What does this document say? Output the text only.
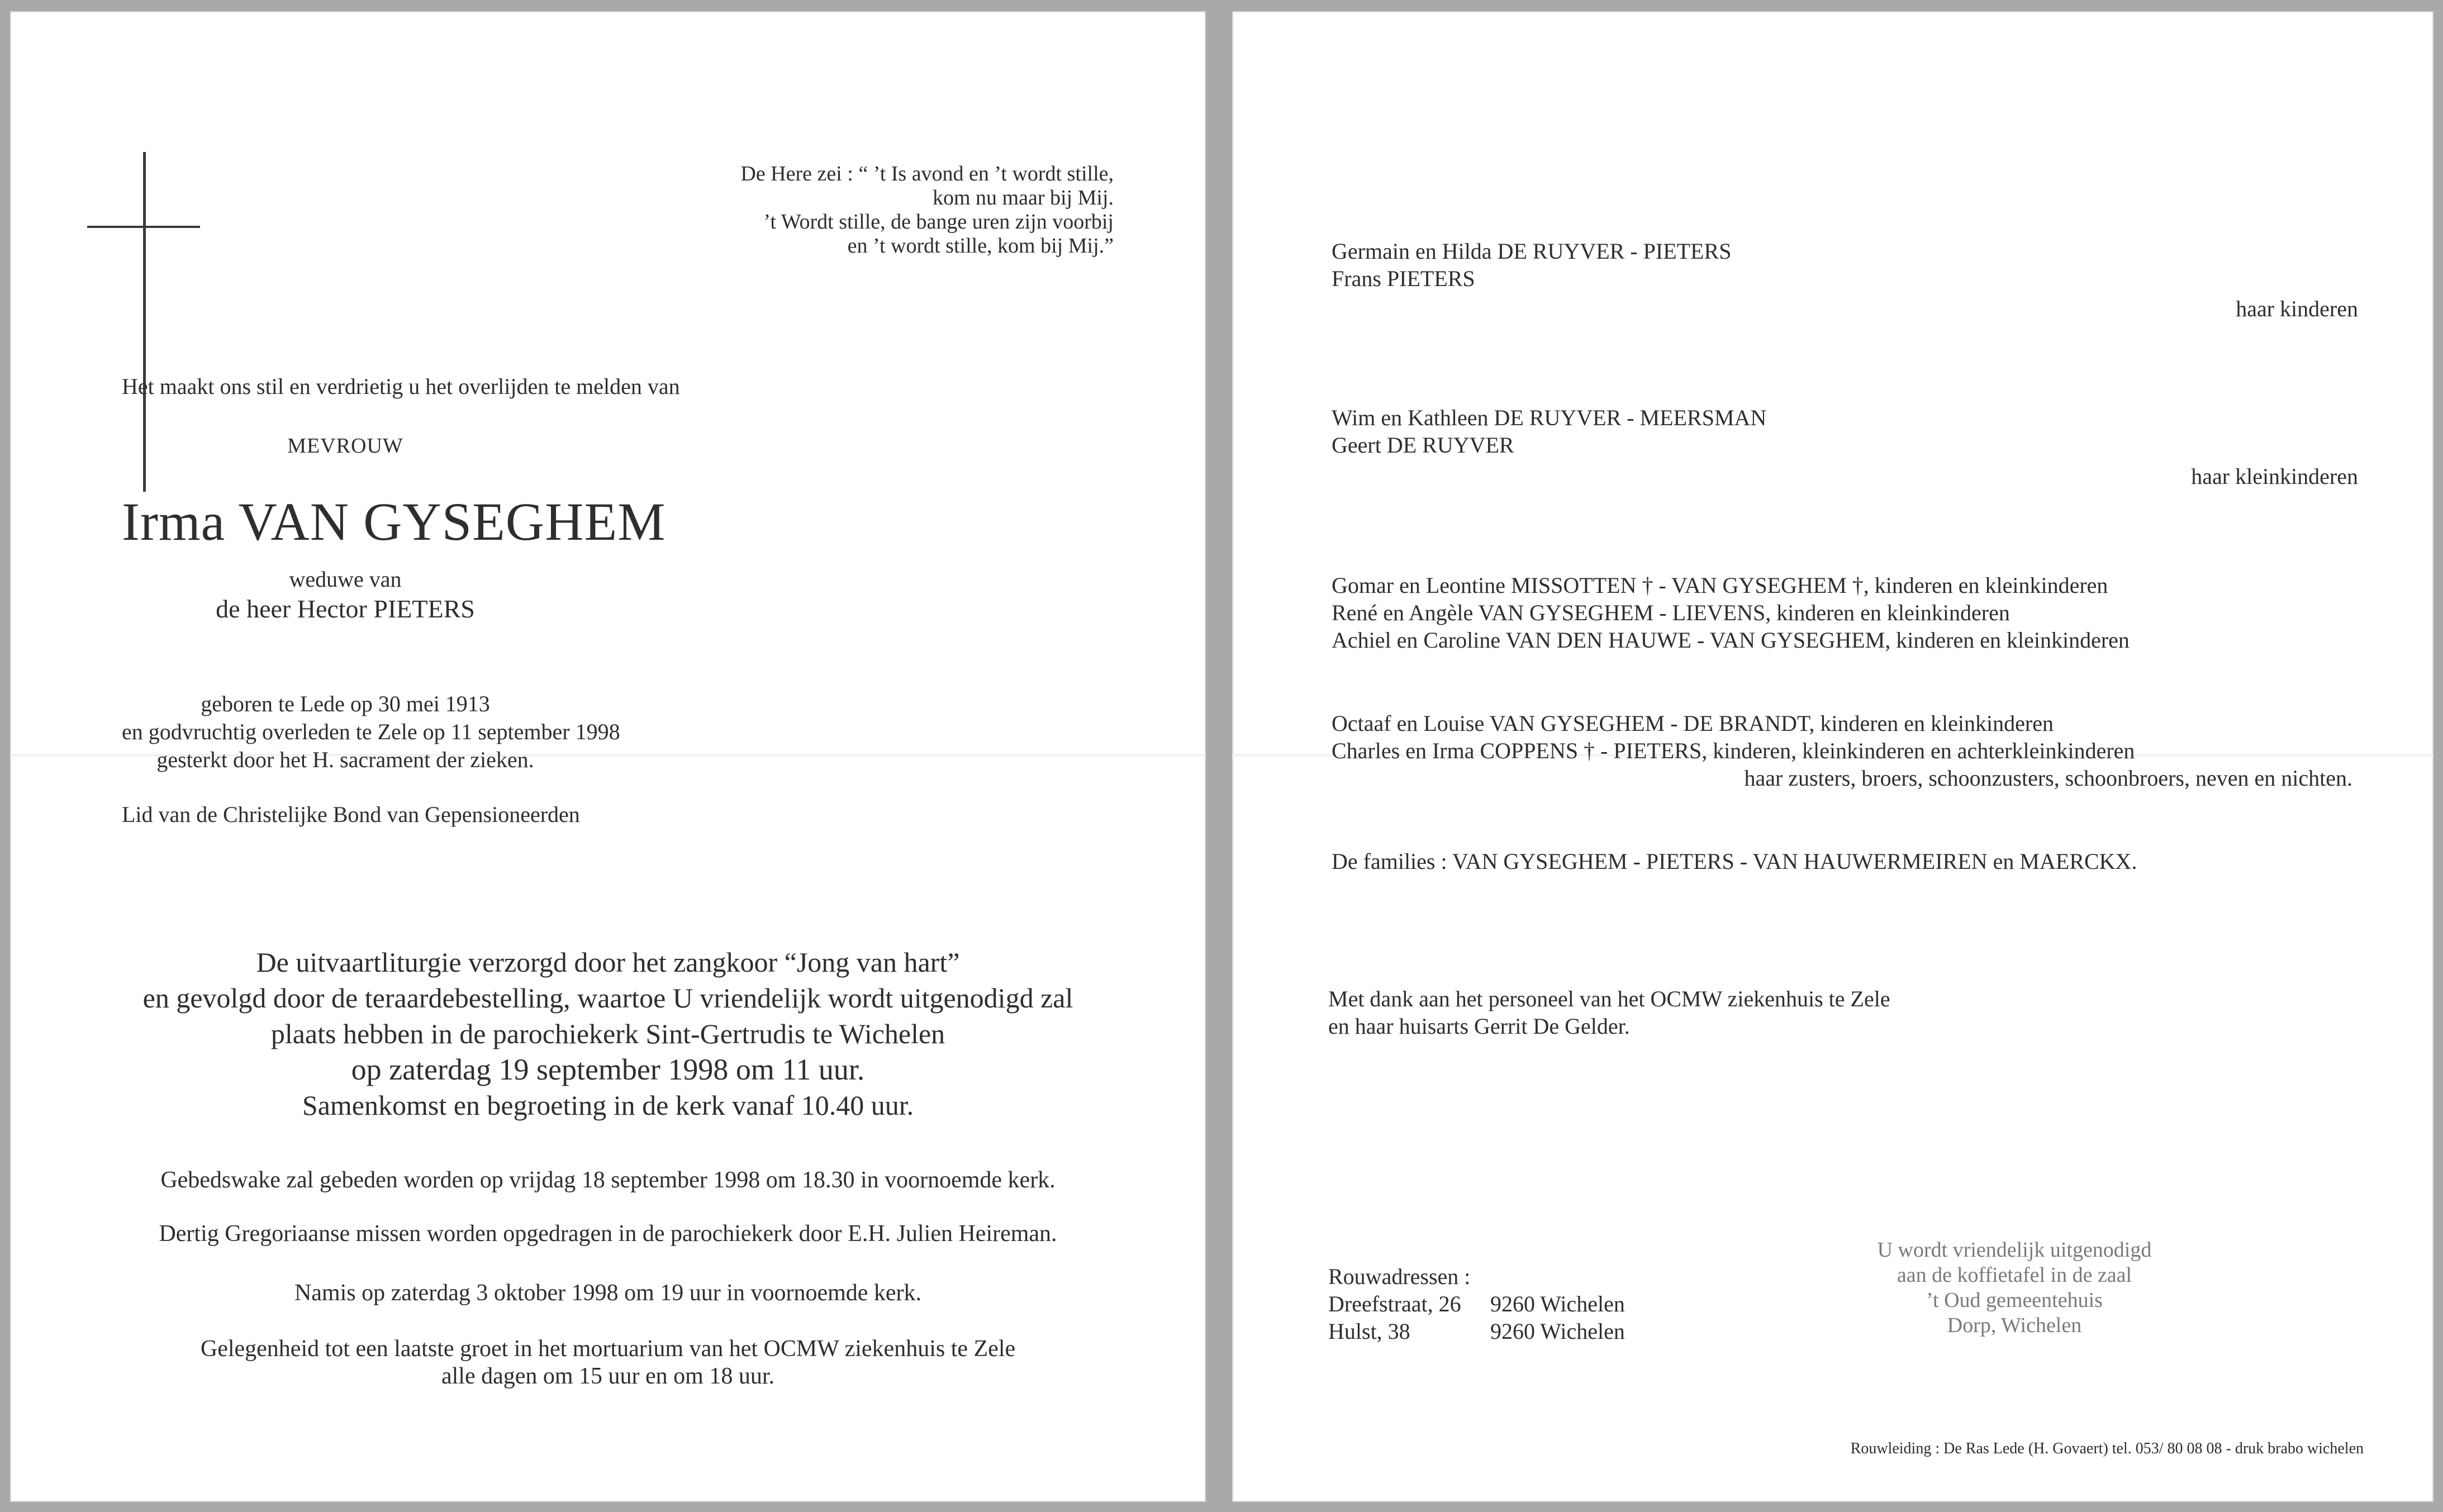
De Here zei : “ ’t Is avond en ’t wordt stille,
kom nu maar bij Mij.
’t Wordt stille, de bange uren zijn voorbij
en ’t wordt stille, kom bij Mij.”
Het maakt ons stil en verdrietig u het overlijden te melden van
MEVROUW
Irma VAN GYSEGHEM
weduwe van
de heer Hector PIETERS
geboren te Lede op 30 mei 1913
en godvruchtig overleden te Zele op 11 september 1998
gesterkt door het H. sacrament der zieken.
Lid van de Christelijke Bond van Gepensioneerden
De uitvaartliturgie verzorgd door het zangkoor “Jong van hart”
en gevolgd door de teraardebestelling, waartoe U vriendelijk wordt uitgenodigd zal
plaats hebben in de parochiekerk Sint-Gertrudis te Wichelen
op zaterdag 19 september 1998 om 11 uur.
Samenkomst en begroeting in de kerk vanaf 10.40 uur.
Gebedswake zal gebeden worden op vrijdag 18 september 1998 om 18.30 in voornoemde kerk.
Dertig Gregoriaanse missen worden opgedragen in de parochiekerk door E.H. Julien Heireman.
Namis op zaterdag 3 oktober 1998 om 19 uur in voornoemde kerk.
Gelegenheid tot een laatste groet in het mortuarium van het OCMW ziekenhuis te Zele
alle dagen om 15 uur en om 18 uur.
Germain en Hilda DE RUYVER - PIETERS
Frans PIETERS
haar kinderen
Wim en Kathleen DE RUYVER - MEERSMAN
Geert DE RUYVER
haar kleinkinderen
Gomar en Leontine MISSOTTEN † - VAN GYSEGHEM †, kinderen en kleinkinderen
René en Angèle VAN GYSEGHEM - LIEVENS, kinderen en kleinkinderen
Achiel en Caroline VAN DEN HAUWE - VAN GYSEGHEM, kinderen en kleinkinderen
Octaaf en Louise VAN GYSEGHEM - DE BRANDT, kinderen en kleinkinderen
Charles en Irma COPPENS † - PIETERS, kinderen, kleinkinderen en achterkleinkinderen
haar zusters, broers, schoonzusters, schoonbroers, neven en nichten.
De families : VAN GYSEGHEM - PIETERS - VAN HAUWERMEIREN en MAERCKX.
Met dank aan het personeel van het OCMW ziekenhuis te Zele
en haar huisarts Gerrit De Gelder.
Rouwadressen :
Dreefstraat, 26 9260 Wichelen
Hulst, 38	9260 Wichelen
U wordt vriendelijk uitgenodigd
aan de koffietafel in de zaal
’t Oud gemeentehuis
Dorp, Wichelen
Rouwleiding : De Ras Lede (H. Govaert) tel. 053/ 80 08 08 - druk brabo wichelen
